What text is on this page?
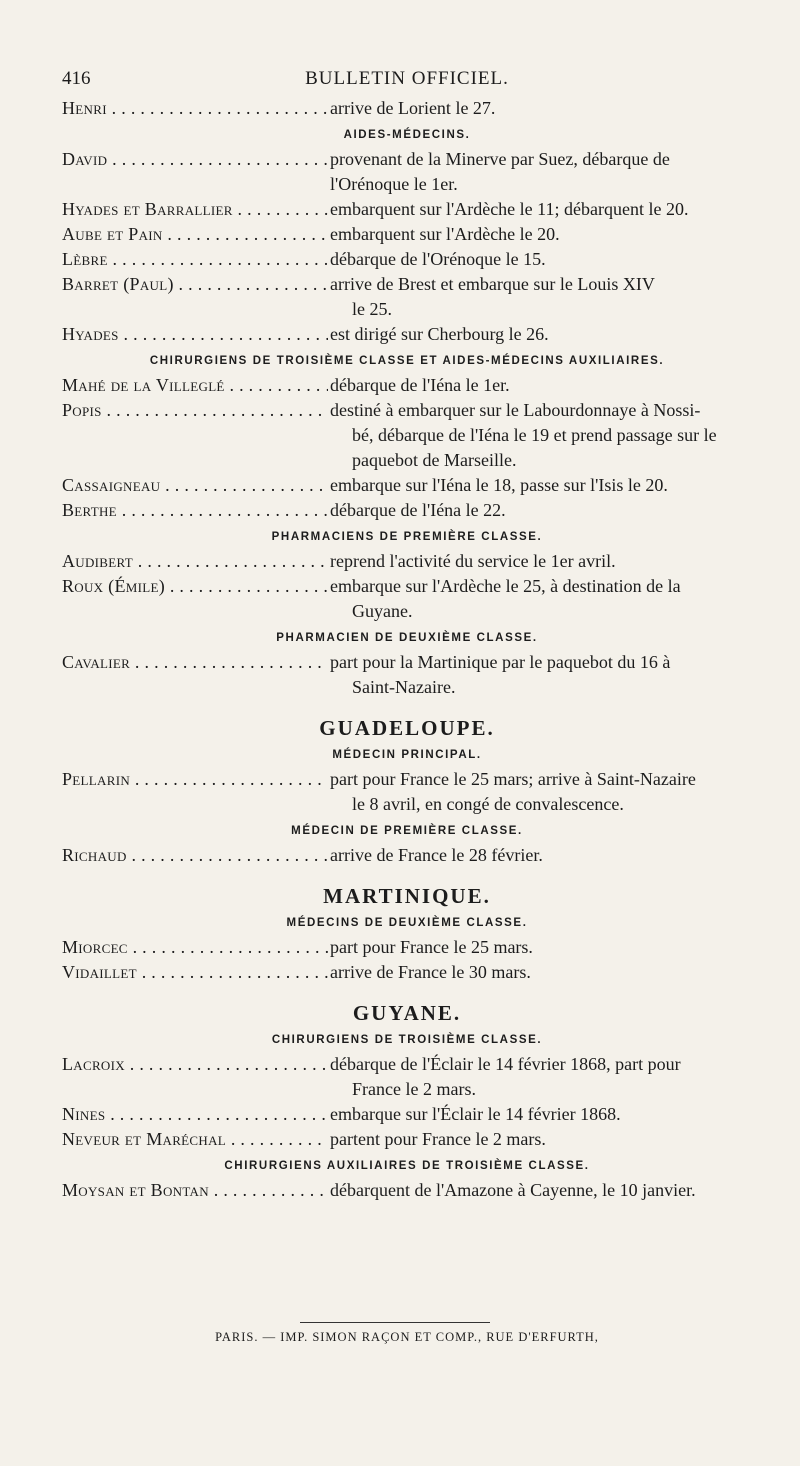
416	BULLETIN OFFICIEL.
Henri . . .	arrive de Lorient le 27.
AIDES-MÉDECINS.
David . . .	provenant de la Minerve par Suez, débarque de l'Orénoque le 1er.
Hyades et Barrallier . . .	embarquent sur l'Ardèche le 11; débarquent le 20.
Aube et Pain . . .	embarquent sur l'Ardèche le 20.
Lèbre . . .	débarque de l'Orénoque le 15.
Barret (Paul) . . .	arrive de Brest et embarque sur le Louis XIV
le 25.
Hyades . . .	est dirigé sur Cherbourg le 26.
CHIRURGIENS DE TROISIÈME CLASSE ET AIDES-MÉDECINS AUXILIAIRES.
Mahé de la Villeglé . . .	débarque de l'Iéna le 1er.
Popis . . .	destiné à embarquer sur le Labourdonnaye à Nossi-
bé, débarque de l'Iéna le 19 et prend passage sur le paquebot de Marseille.
Cassaigneau . . .	embarque sur l'Iéna le 18, passe sur l'Isis le 20.
Berthe . . .	débarque de l'Iéna le 22.
PHARMACIENS DE PREMIÈRE CLASSE.
Audibert . . .	reprend l'activité du service le 1er avril.
Roux (Émile) . . .	embarque sur l'Ardèche le 25, à destination de la
Guyane.
PHARMACIEN DE DEUXIÈME CLASSE.
Cavalier . . .	part pour la Martinique par le paquebot du 16 à
Saint-Nazaire.
GUADELOUPE.
MÉDECIN PRINCIPAL.
Pellarin . . .	part pour France le 25 mars; arrive à Saint-Nazaire
le 8 avril, en congé de convalescence.
MÉDECIN DE PREMIÈRE CLASSE.
Richaud . . .	arrive de France le 28 février.
MARTINIQUE.
MÉDECINS DE DEUXIÈME CLASSE.
Miorcec . . .	part pour France le 25 mars.
Vidaillet . . .	arrive de France le 30 mars.
GUYANE.
CHIRURGIENS DE TROISIÈME CLASSE.
Lacroix . . .	débarque de l'Éclair le 14 février 1868, part pour
France le 2 mars.
Nines . . .	embarque sur l'Éclair le 14 février 1868.
Neveur et Maréchal . . .	partent pour France le 2 mars.
CHIRURGIENS AUXILIAIRES DE TROISIÈME CLASSE.
Moysan et Bontan . . .	débarquent de l'Amazone à Cayenne, le 10 janvier.
PARIS. — IMP. SIMON RAÇON ET COMP., RUE D'ERFURTH,
